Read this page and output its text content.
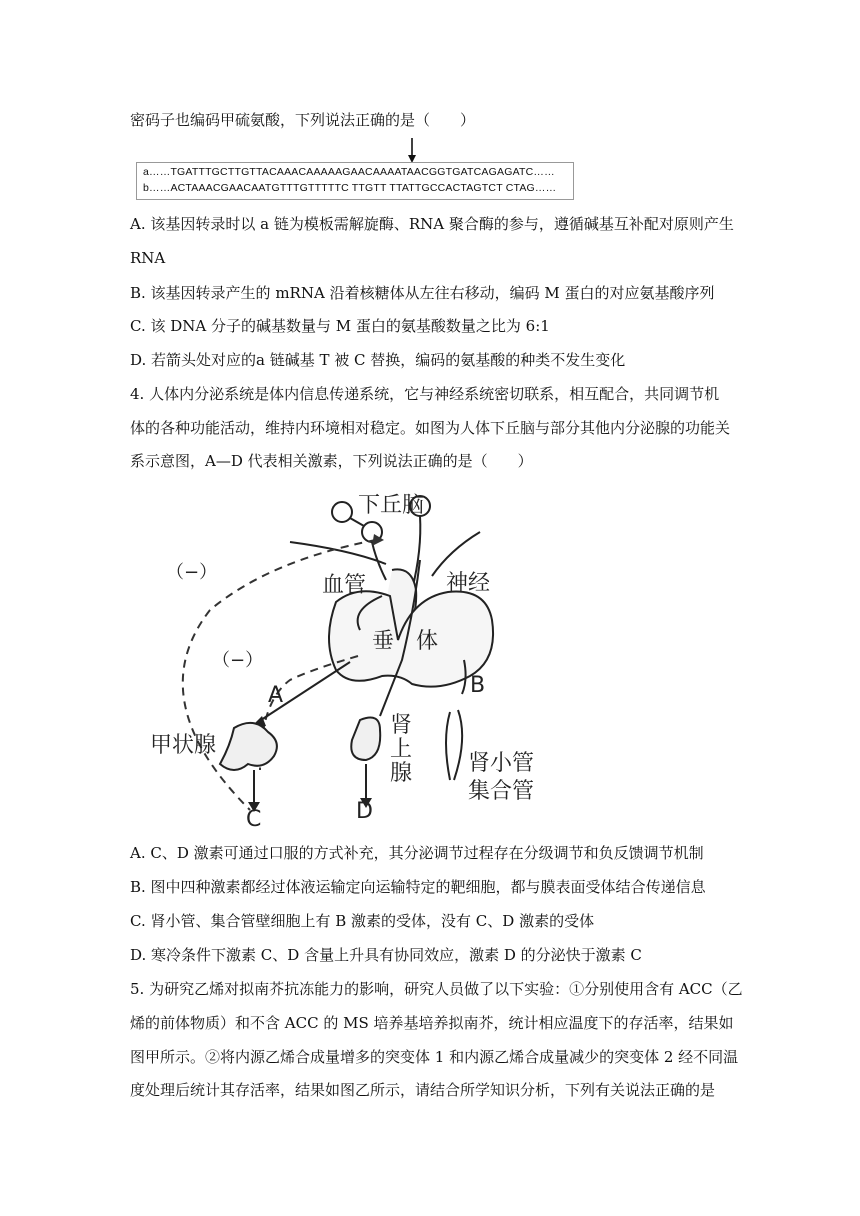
密码子也编码甲硫氨酸，下列说法正确的是（　　）
a……TGATTTGCTTGTTACAAACAAAAAGAACAAAATAACGGTGATCAGAGATC……
b……ACTAAACGAACAATGTTTGTTTTTC TTGTT TTATTGCCACTAGTCT CTAG……
A. 该基因转录时以 a 链为模板需解旋酶、RNA 聚合酶的参与，遵循碱基互补配对原则产生
RNA
B. 该基因转录产生的 mRNA 沿着核糖体从左往右移动，编码 M 蛋白的对应氨基酸序列
C. 该 DNA 分子的碱基数量与 M 蛋白的氨基酸数量之比为 6:1
D. 若箭头处对应的a 链碱基 T 被 C 替换，编码的氨基酸的种类不发生变化
4. 人体内分泌系统是体内信息传递系统，它与神经系统密切联系，相互配合，共同调节机
体的各种功能活动，维持内环境相对稳定。如图为人体下丘脑与部分其他内分泌腺的功能关
系示意图，A—D 代表相关激素，下列说法正确的是（　　）
下丘脑
血管	神经
垂　体
（−）
（−）
A	B
C	D
甲状腺
肾
上
腺	肾小管
集合管
A. C、D 激素可通过口服的方式补充，其分泌调节过程存在分级调节和负反馈调节机制
B. 图中四种激素都经过体液运输定向运输特定的靶细胞，都与膜表面受体结合传递信息
C. 肾小管、集合管壁细胞上有 B 激素的受体，没有 C、D 激素的受体
D. 寒冷条件下激素 C、D 含量上升具有协同效应，激素 D 的分泌快于激素 C
5. 为研究乙烯对拟南芥抗冻能力的影响，研究人员做了以下实验：①分别使用含有 ACC（乙
烯的前体物质）和不含 ACC 的 MS 培养基培养拟南芥，统计相应温度下的存活率，结果如
图甲所示。②将内源乙烯合成量增多的突变体 1 和内源乙烯合成量减少的突变体 2 经不同温
度处理后统计其存活率，结果如图乙所示，请结合所学知识分析，下列有关说法正确的是
